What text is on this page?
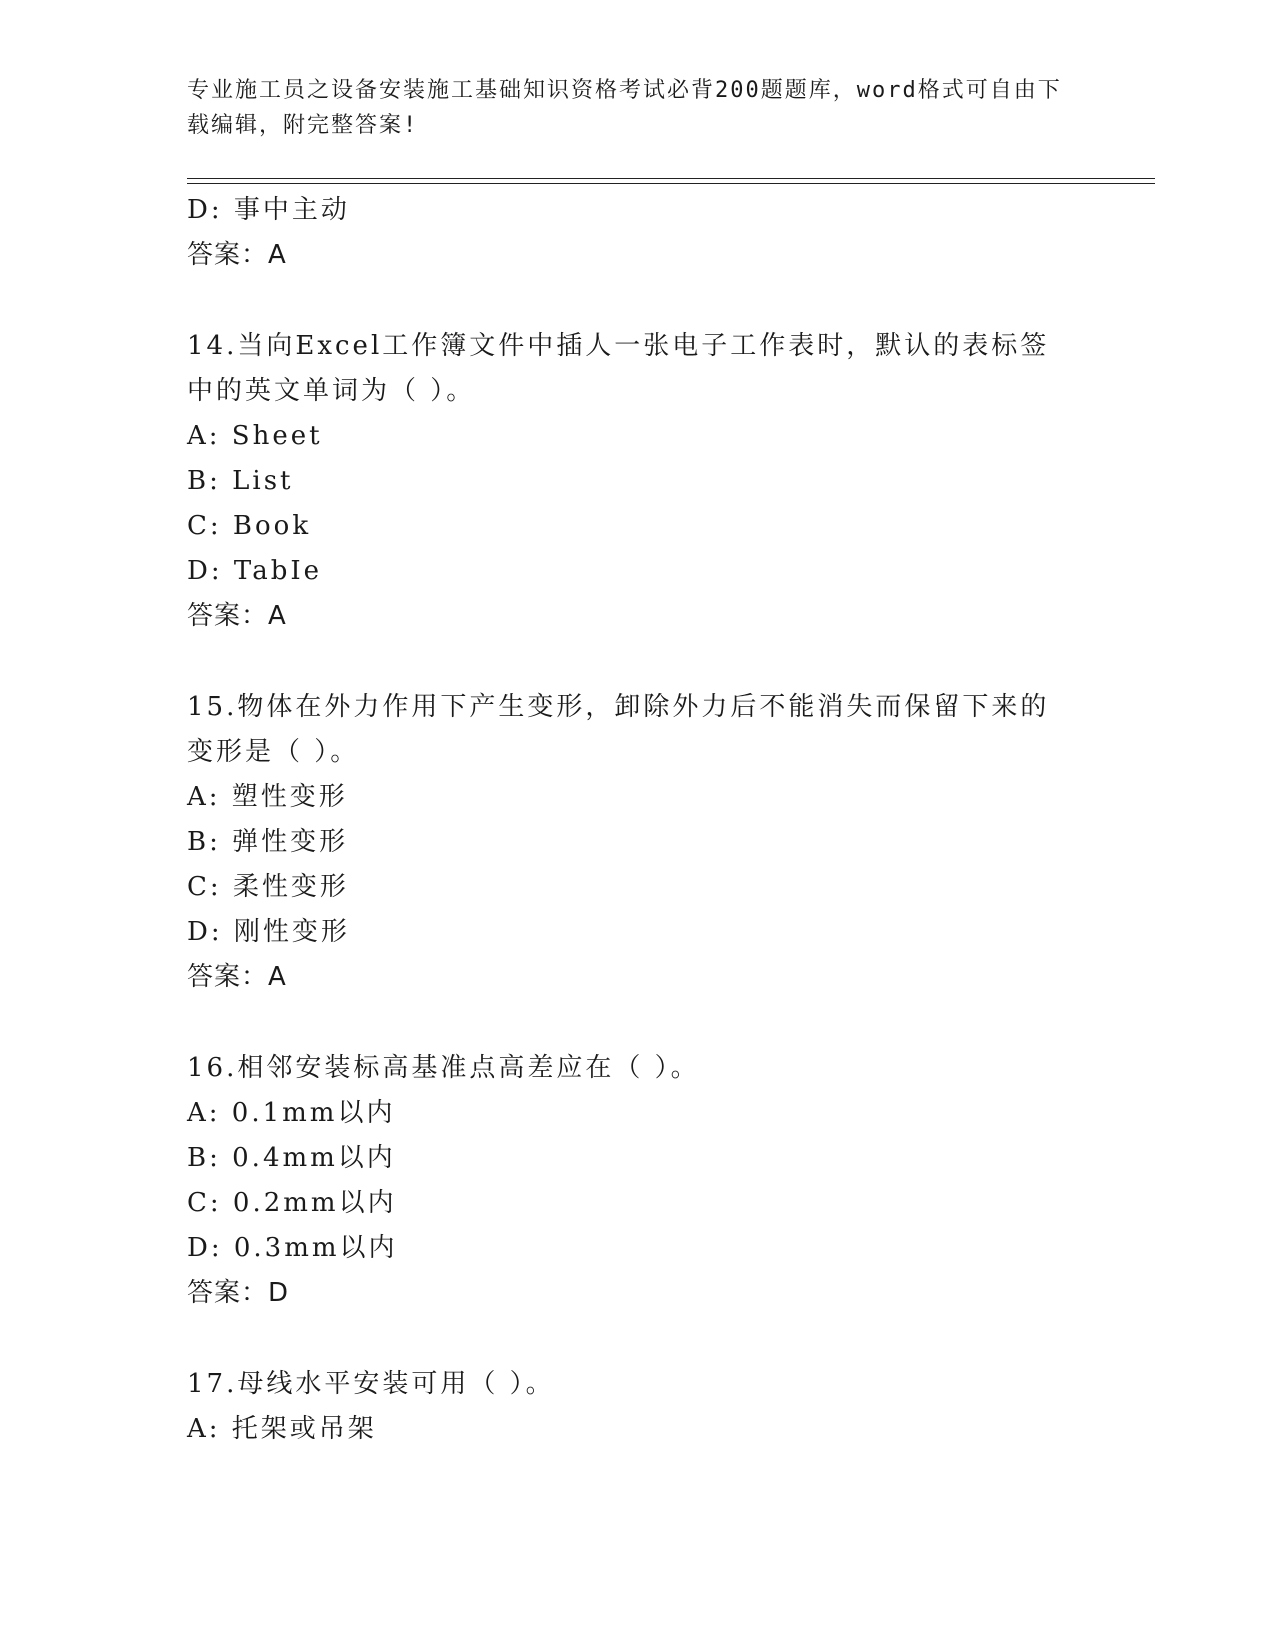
专业施工员之设备安装施工基础知识资格考试必背200题题库，word格式可自由下载编辑，附完整答案!
D: 事中主动
答案：A
14.当向Excel工作簿文件中插人一张电子工作表时，默认的表标签中的英文单词为（ ）。
A: Sheet
B: List
C: Book
D: TabIe
答案：A
15.物体在外力作用下产生变形，卸除外力后不能消失而保留下来的变形是（ ）。
A: 塑性变形
B: 弹性变形
C: 柔性变形
D: 刚性变形
答案：A
16.相邻安装标高基准点高差应在（ ）。
A: 0.1mm以内
B: 0.4mm以内
C: 0.2mm以内
D: 0.3mm以内
答案：D
17.母线水平安装可用（ ）。
A: 托架或吊架
